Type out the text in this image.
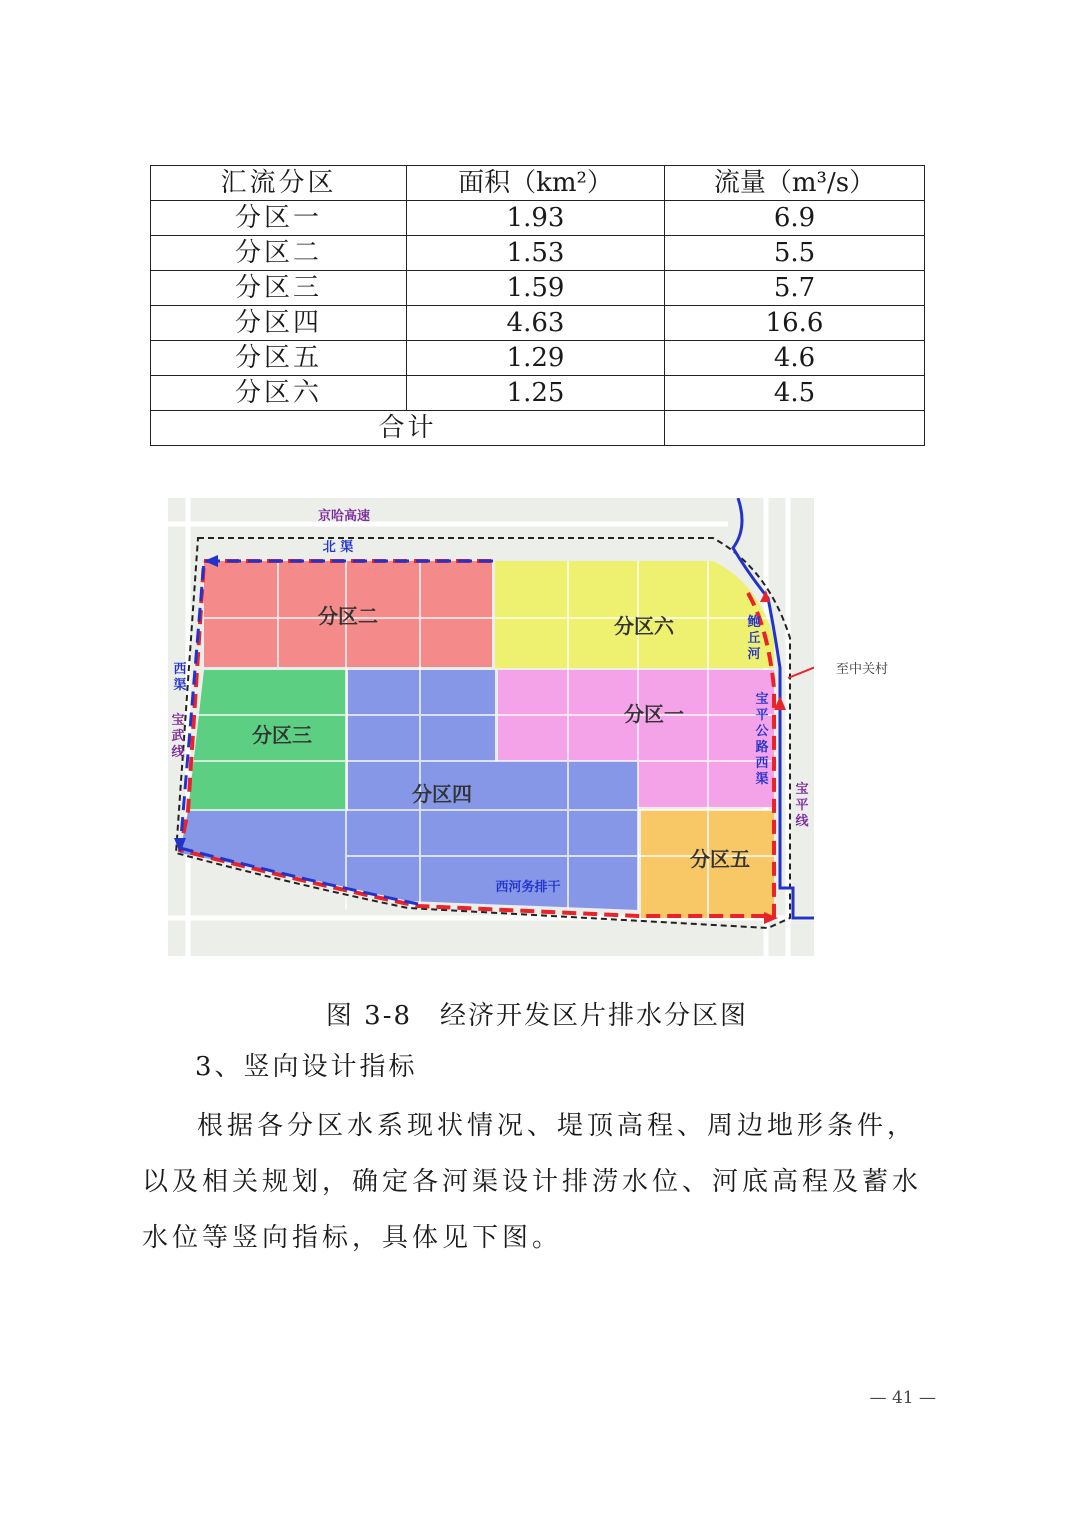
汇流分区	面积（km²）	流量（m³/s）
分区一	1.93	6.9
分区二	1.53	5.5
分区三	1.59	5.7
分区四	4.63	16.6
分区五	1.29	4.6
分区六	1.25	4.5
合计		
分区二	分区六
分区三
分区一
分区四
分区五
京哈高速
北 渠
西
渠
宝
武
线
鲍
丘
河
宝
平
公
路
西
渠
宝
平
线
西河务排干
至中关村
图 3-8　经济开发区片排水分区图
3、竖向设计指标

根据各分区水系现状情况、堤顶高程、周边地形条件，以及相关规划，确定各河渠设计排涝水位、河底高程及蓄水水位等竖向指标，具体见下图。

— 41 —
